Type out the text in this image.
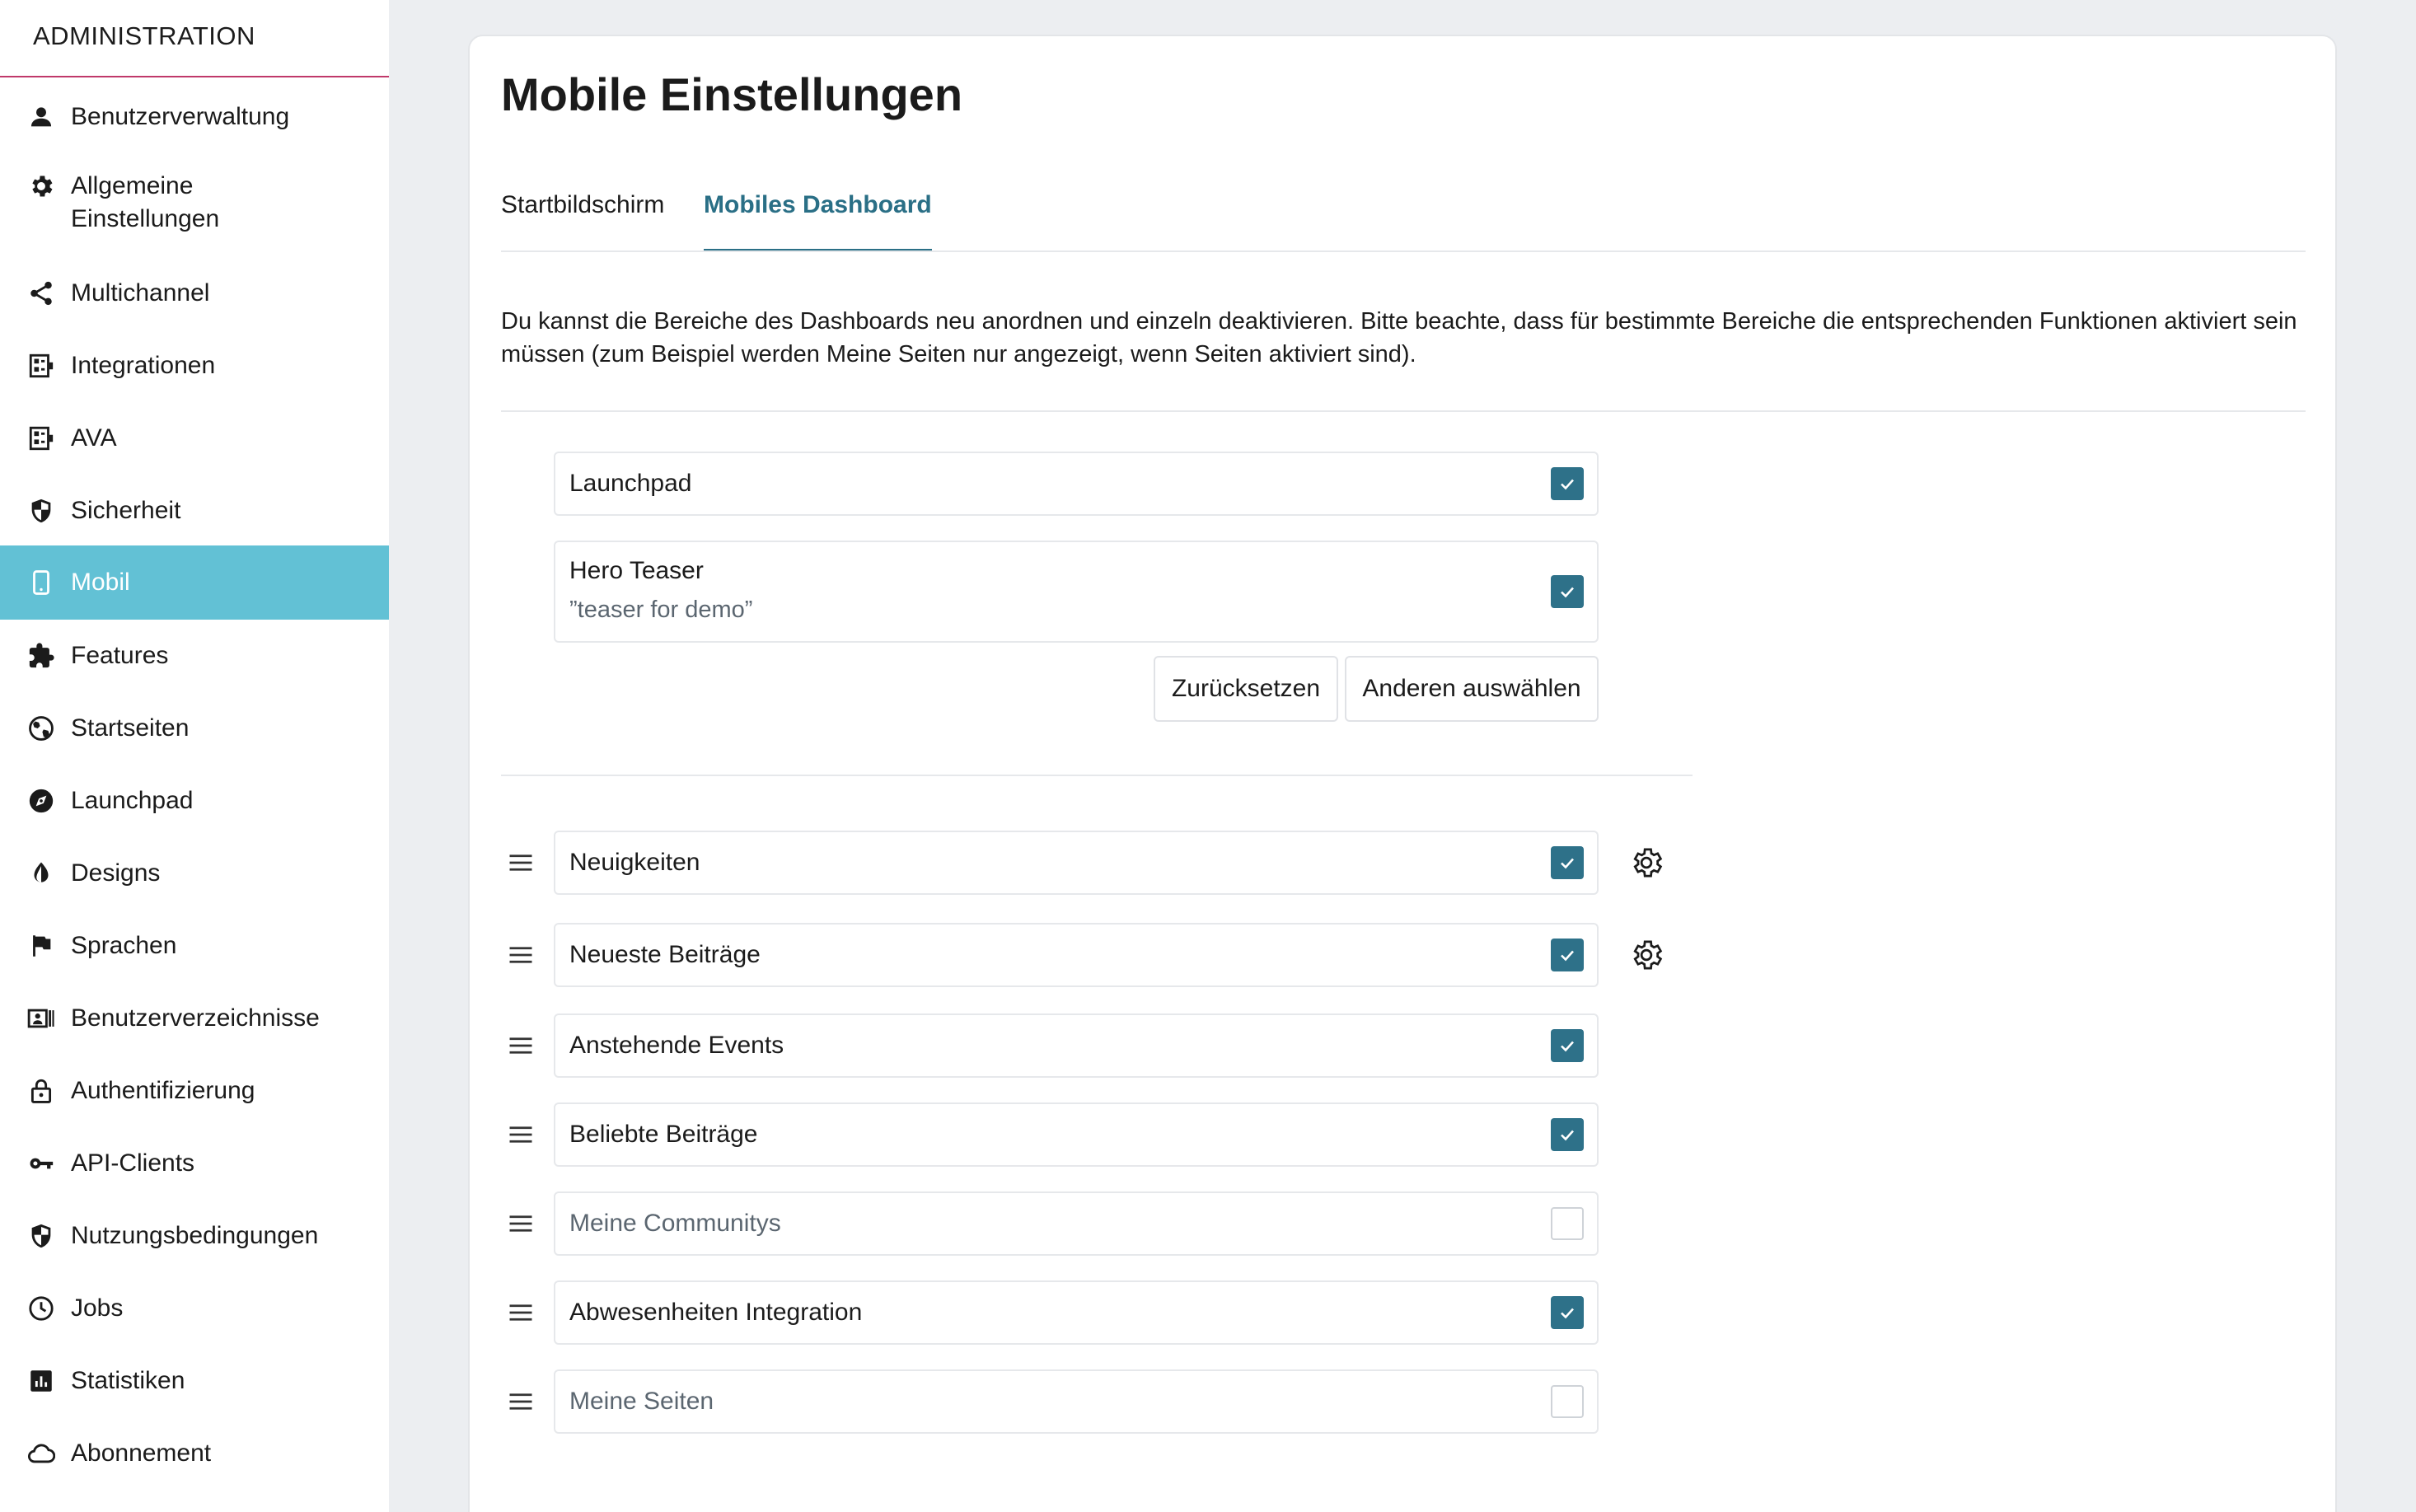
ADMINISTRATION
Benutzerverwaltung
Allgemeine Einstellungen
Multichannel
Integrationen
AVA
Sicherheit
Mobil
Features
Startseiten
Launchpad
Designs
Sprachen
Benutzerverzeichnisse
Authentifizierung
API-Clients
Nutzungsbedingungen
Jobs
Statistiken
Abonnement
Mobile Einstellungen
Startbildschirm Mobiles Dashboard
Du kannst die Bereiche des Dashboards neu anordnen und einzeln deaktivieren. Bitte beachte, dass für bestimmte Bereiche die entsprechenden Funktionen aktiviert sein müssen (zum Beispiel werden Meine Seiten nur angezeigt, wenn Seiten aktiviert sind).
Launchpad
Hero Teaser
”teaser for demo”
Zurücksetzen	Anderen auswählen
Neuigkeiten
Neueste Beiträge
Anstehende Events
Beliebte Beiträge
Meine Communitys
Abwesenheiten Integration
Meine Seiten
